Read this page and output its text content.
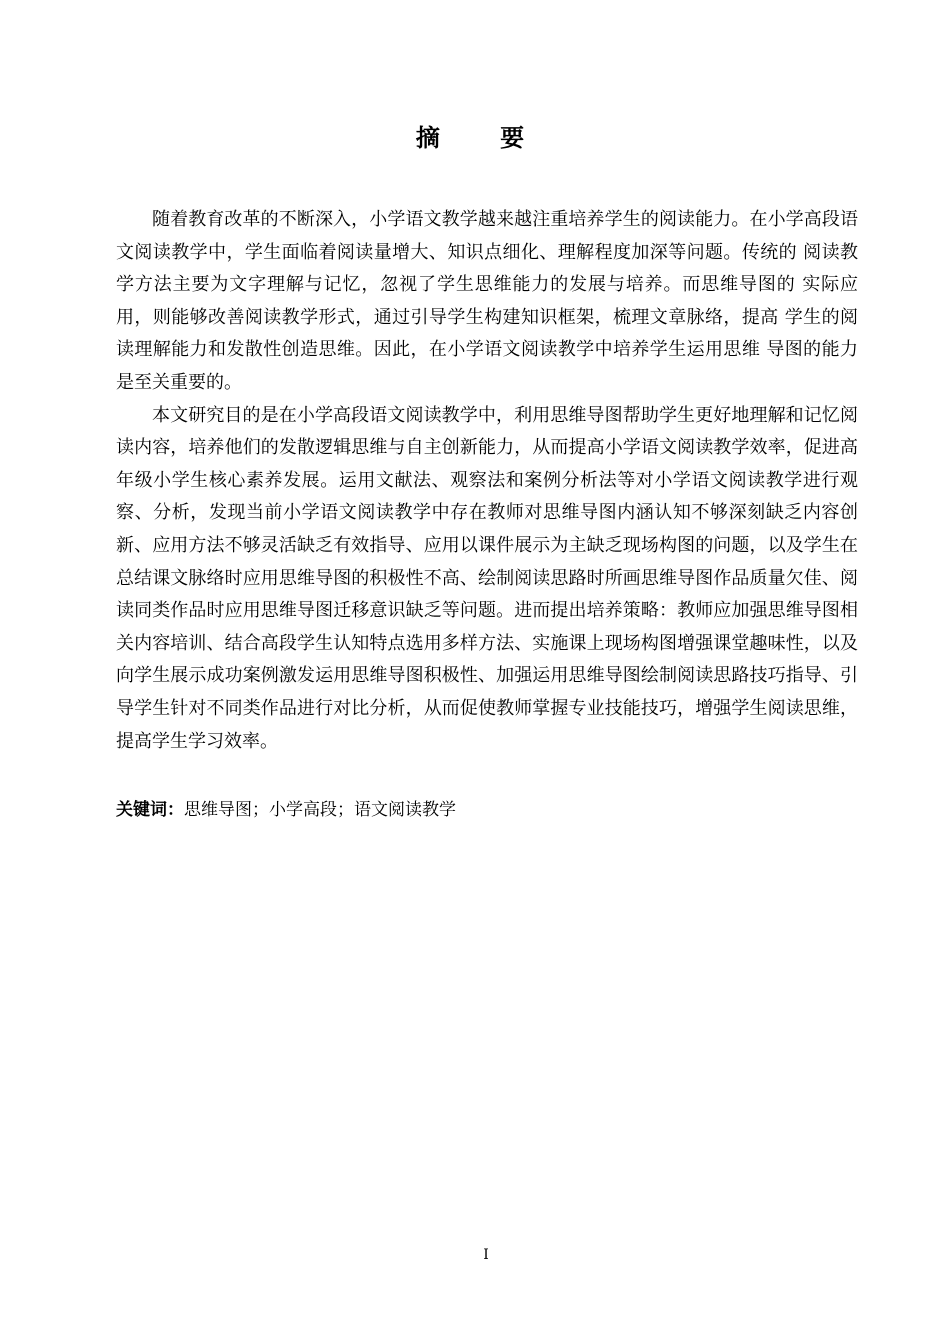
摘 要

随着教育改革的不断深入，小学语文教学越来越注重培养学生的阅读能力。在小学高段语文阅读教学中，学生面临着阅读量增大、知识点细化、理解程度加深等问题。传统的 阅读教学方法主要为文字理解与记忆，忽视了学生思维能力的发展与培养。而思维导图的 实际应用，则能够改善阅读教学形式，通过引导学生构建知识框架，梳理文章脉络，提高 学生的阅读理解能力和发散性创造思维。因此，在小学语文阅读教学中培养学生运用思维 导图的能力是至关重要的。

本文研究目的是在小学高段语文阅读教学中，利用思维导图帮助学生更好地理解和记忆阅读内容，培养他们的发散逻辑思维与自主创新能力，从而提高小学语文阅读教学效率，促进高年级小学生核心素养发展。运用文献法、观察法和案例分析法等对小学语文阅读教学进行观察、分析，发现当前小学语文阅读教学中存在教师对思维导图内涵认知不够深刻缺乏内容创新、应用方法不够灵活缺乏有效指导、应用以课件展示为主缺乏现场构图的问题，以及学生在总结课文脉络时应用思维导图的积极性不高、绘制阅读思路时所画思维导图作品质量欠佳、阅读同类作品时应用思维导图迁移意识缺乏等问题。进而提出培养策略：教师应加强思维导图相关内容培训、结合高段学生认知特点选用多样方法、实施课上现场构图增强课堂趣味性，以及向学生展示成功案例激发运用思维导图积极性、加强运用思维导图绘制阅读思路技巧指导、引导学生针对不同类作品进行对比分析，从而促使教师掌握专业技能技巧，增强学生阅读思维，提高学生学习效率。

关键词：思维导图；小学高段；语文阅读教学

I
